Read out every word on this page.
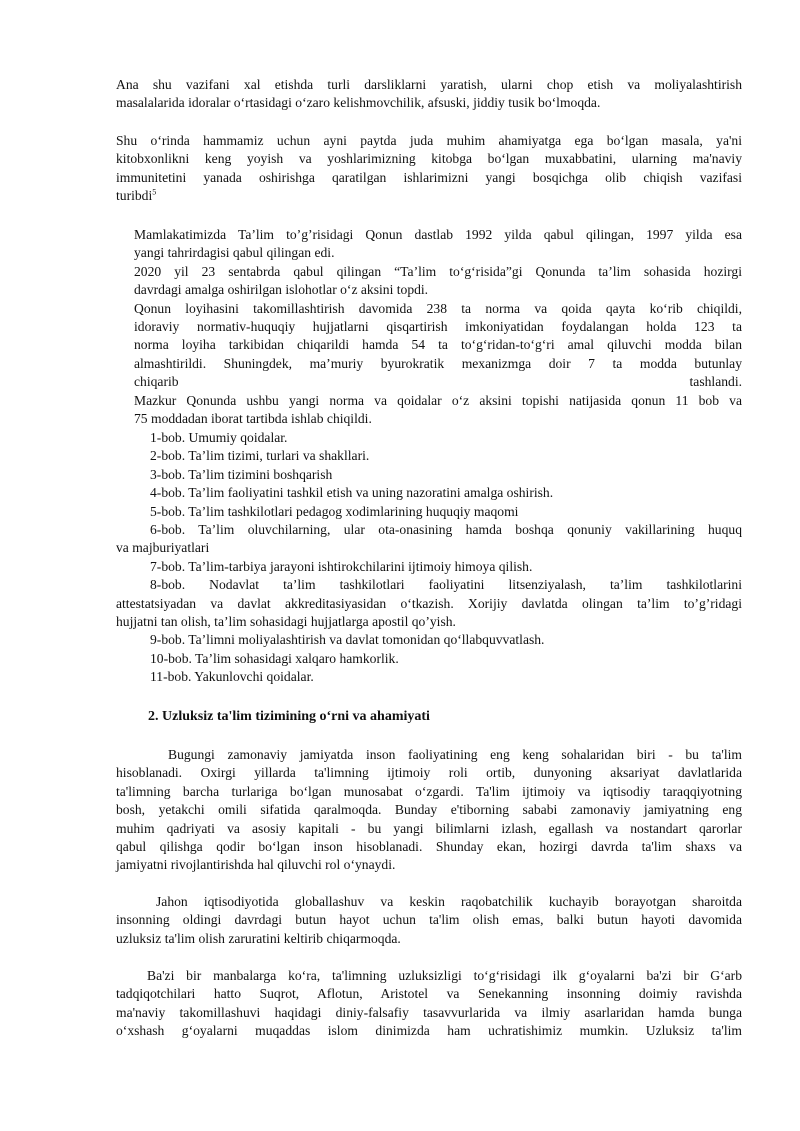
Ana shu vazifani xal etishda turli darsliklarni yaratish, ularni chop etish va moliyalashtirish
masalalarida idoralar o‘rtasidagi o‘zaro kelishmovchilik, afsuski, jiddiy tusik bo‘lmoqda.
Shu o‘rinda hammamiz uchun ayni paytda juda muhim ahamiyatga ega bo‘lgan masala, ya'ni
kitobxonlikni keng yoyish va yoshlarimizning kitobga bo‘lgan muxabbatini, ularning ma'naviy
immunitetini yanada oshirishga qaratilgan ishlarimizni yangi bosqichga olib chiqish vazifasi
turibdi$^5$
Mamlakatimizda Ta’lim to’g’risidagi Qonun dastlab 1992 yilda qabul qilingan, 1997 yilda esa
yangi tahrirdagisi qabul qilingan edi.
2020 yil 23 sentabrda qabul qilingan “Ta’lim to‘g‘risida”gi Qonunda ta’lim sohasida hozirgi
davrdagi amalga oshirilgan islohotlar o‘z aksini topdi.
Qonun loyihasini takomillashtirish davomida 238 ta norma va qoida qayta ko‘rib chiqildi,
idoraviy normativ-huquqiy hujjatlarni qisqartirish imkoniyatidan foydalangan holda 123 ta
norma loyiha tarkibidan chiqarildi hamda 54 ta to‘g‘ridan-to‘g‘ri amal qiluvchi modda bilan
almashtirildi. Shuningdek, ma’muriy byurokratik mexanizmga doir 7 ta modda butunlay
chiqarib                                                                                                                tashlandi.
Mazkur Qonunda ushbu yangi norma va qoidalar o‘z aksini topishi natijasida qonun 11 bob va
75 moddadan iborat tartibda ishlab chiqildi.
1-bob. Umumiy qoidalar.
2-bob. Ta’lim tizimi, turlari va shakllari.
3-bob. Ta’lim tizimini boshqarish
4-bob. Ta’lim faoliyatini tashkil etish va uning nazoratini amalga oshirish.
5-bob. Ta’lim tashkilotlari pedagog xodimlarining huquqiy maqomi
6-bob. Ta’lim oluvchilarning, ular ota-onasining hamda boshqa qonuniy vakillarining huquq
va majburiyatlari
7-bob. Ta’lim-tarbiya jarayoni ishtirokchilarini ijtimoiy himoya qilish.
8-bob. Nodavlat ta’lim tashkilotlari faoliyatini litsenziyalash, ta’lim tashkilotlarini
attestatsiyadan va davlat akkreditasiyasidan o‘tkazish. Xorijiy davlatda olingan ta’lim to’g’ridagi
hujjatni tan olish, ta’lim sohasidagi hujjatlarga apostil qo’yish.
9-bob. Ta’limni moliyalashtirish va davlat tomonidan qo‘llabquvvatlash.
10-bob. Ta’lim sohasidagi xalqaro hamkorlik.
11-bob. Yakunlovchi qoidalar.
2. Uzluksiz ta'lim tizimining o‘rni va ahamiyati
Bugungi zamonaviy jamiyatda inson faoliyatining eng keng sohalaridan biri - bu ta'lim
hisoblanadi. Oxirgi yillarda ta'limning ijtimoiy roli ortib, dunyoning aksariyat davlatlarida
ta'limning barcha turlariga bo‘lgan munosabat o‘zgardi. Ta'lim ijtimoiy va iqtisodiy taraqqiyotning
bosh, yetakchi omili sifatida qaralmoqda. Bunday e'tiborning sababi zamonaviy jamiyatning eng
muhim qadriyati va asosiy kapitali - bu yangi bilimlarni izlash, egallash va nostandart qarorlar
qabul qilishga qodir bo‘lgan inson hisoblanadi. Shunday ekan, hozirgi davrda ta'lim shaxs va
jamiyatni rivojlantirishda hal qiluvchi rol o‘ynaydi.
Jahon iqtisodiyotida globallashuv va keskin raqobatchilik kuchayib borayotgan sharoitda
insonning oldingi davrdagi butun hayot uchun ta'lim olish emas, balki butun hayoti davomida
uzluksiz ta'lim olish zaruratini keltirib chiqarmoqda.
Ba'zi bir manbalarga ko‘ra, ta'limning uzluksizligi to‘g‘risidagi ilk g‘oyalarni ba'zi bir G‘arb
tadqiqotchilari hatto Suqrot, Aflotun, Aristotel va Senekanning insonning doimiy ravishda
ma'naviy takomillashuvi haqidagi diniy-falsafiy tasavvurlarida va ilmiy asarlaridan hamda bunga
o‘xshash g‘oyalarni muqaddas islom dinimizda ham uchratishimiz mumkin. Uzluksiz ta'lim
